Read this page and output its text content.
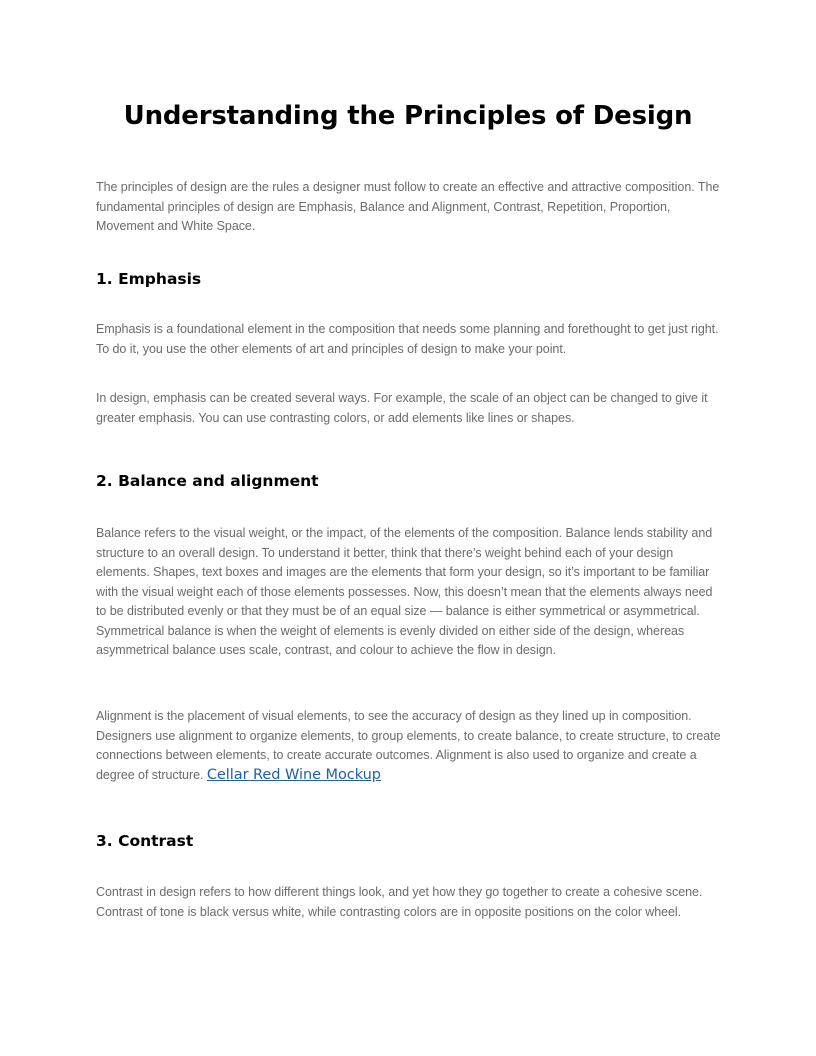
Understanding the Principles of Design

The principles of design are the rules a designer must follow to create an effective and attractive composition. The fundamental principles of design are Emphasis, Balance and Alignment, Contrast, Repetition, Proportion, Movement and White Space.

1. Emphasis

Emphasis is a foundational element in the composition that needs some planning and forethought to get just right. To do it, you use the other elements of art and principles of design to make your point.

In design, emphasis can be created several ways. For example, the scale of an object can be changed to give it greater emphasis. You can use contrasting colors, or add elements like lines or shapes.

2. Balance and alignment

Balance refers to the visual weight, or the impact, of the elements of the composition. Balance lends stability and structure to an overall design. To understand it better, think that there’s weight behind each of your design elements. Shapes, text boxes and images are the elements that form your design, so it’s important to be familiar with the visual weight each of those elements possesses. Now, this doesn’t mean that the elements always need to be distributed evenly or that they must be of an equal size — balance is either symmetrical or asymmetrical. Symmetrical balance is when the weight of elements is evenly divided on either side of the design, whereas asymmetrical balance uses scale, contrast, and colour to achieve the flow in design.

Alignment is the placement of visual elements, to see the accuracy of design as they lined up in composition. Designers use alignment to organize elements, to group elements, to create balance, to create structure, to create connections between elements, to create accurate outcomes. Alignment is also used to organize and create a degree of structure. Cellar Red Wine Mockup

3. Contrast

Contrast in design refers to how different things look, and yet how they go together to create a cohesive scene. Contrast of tone is black versus white, while contrasting colors are in opposite positions on the color wheel.
